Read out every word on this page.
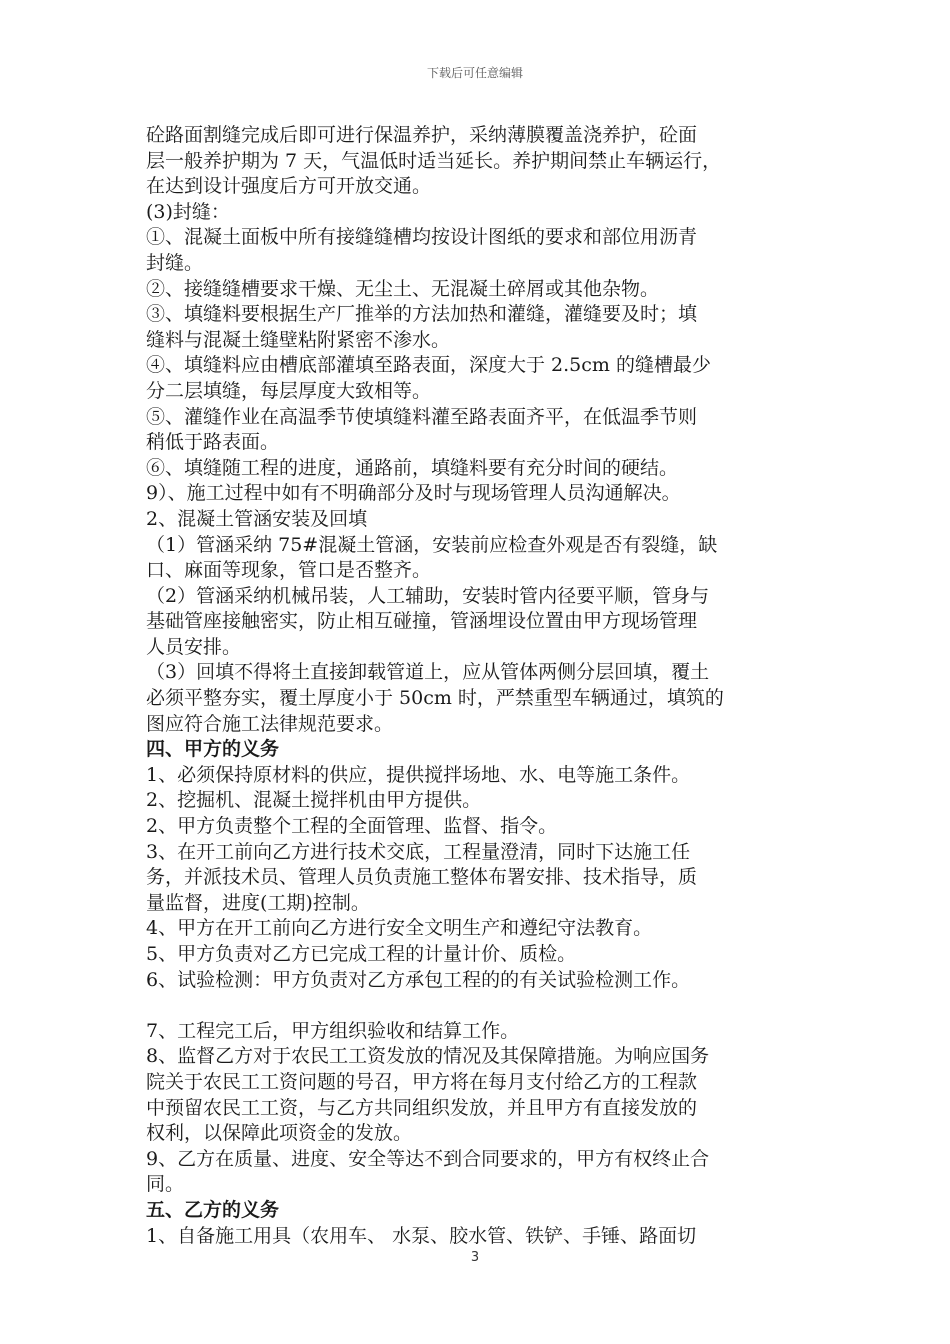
下载后可任意编辑
砼路面割缝完成后即可进行保温养护，采纳薄膜覆盖浇养护，砼面
层一般养护期为 7 天，气温低时适当延长。养护期间禁止车辆运行，
在达到设计强度后方可开放交通。
(3)封缝：
①、混凝土面板中所有接缝缝槽均按设计图纸的要求和部位用沥青
封缝。
②、接缝缝槽要求干燥、无尘土、无混凝土碎屑或其他杂物。
③、填缝料要根据生产厂推举的方法加热和灌缝，灌缝要及时；填
缝料与混凝土缝壁粘附紧密不渗水。
④、填缝料应由槽底部灌填至路表面，深度大于 2.5cm 的缝槽最少
分二层填缝，每层厚度大致相等。
⑤、灌缝作业在高温季节使填缝料灌至路表面齐平，在低温季节则
稍低于路表面。
⑥、填缝随工程的进度，通路前，填缝料要有充分时间的硬结。
9）、施工过程中如有不明确部分及时与现场管理人员沟通解决。
2、混凝土管涵安装及回填
（1）管涵采纳 75#混凝土管涵，安装前应检查外观是否有裂缝，缺
口、麻面等现象，管口是否整齐。
（2）管涵采纳机械吊装，人工辅助，安装时管内径要平顺，管身与
基础管座接触密实，防止相互碰撞，管涵埋设位置由甲方现场管理
人员安排。
（3）回填不得将土直接卸载管道上，应从管体两侧分层回填，覆土
必须平整夯实，覆土厚度小于 50cm 时，严禁重型车辆通过，填筑的
图应符合施工法律规范要求。
四、甲方的义务
1、必须保持原材料的供应，提供搅拌场地、水、电等施工条件。
2、挖掘机、混凝土搅拌机由甲方提供。
2、甲方负责整个工程的全面管理、监督、指令。
3、在开工前向乙方进行技术交底，工程量澄清，同时下达施工任
务，并派技术员、管理人员负责施工整体布署安排、技术指导，质
量监督，进度(工期)控制。
4、甲方在开工前向乙方进行安全文明生产和遵纪守法教育。
5、甲方负责对乙方已完成工程的计量计价、质检。
6、试验检测：甲方负责对乙方承包工程的的有关试验检测工作。
7、工程完工后，甲方组织验收和结算工作。
8、监督乙方对于农民工工资发放的情况及其保障措施。为响应国务
院关于农民工工资问题的号召，甲方将在每月支付给乙方的工程款
中预留农民工工资，与乙方共同组织发放，并且甲方有直接发放的
权利，以保障此项资金的发放。
9、乙方在质量、进度、安全等达不到合同要求的，甲方有权终止合
同。
五、乙方的义务
1、自备施工用具（农用车、 水泵、胶水管、铁铲、手锤、路面切
3
